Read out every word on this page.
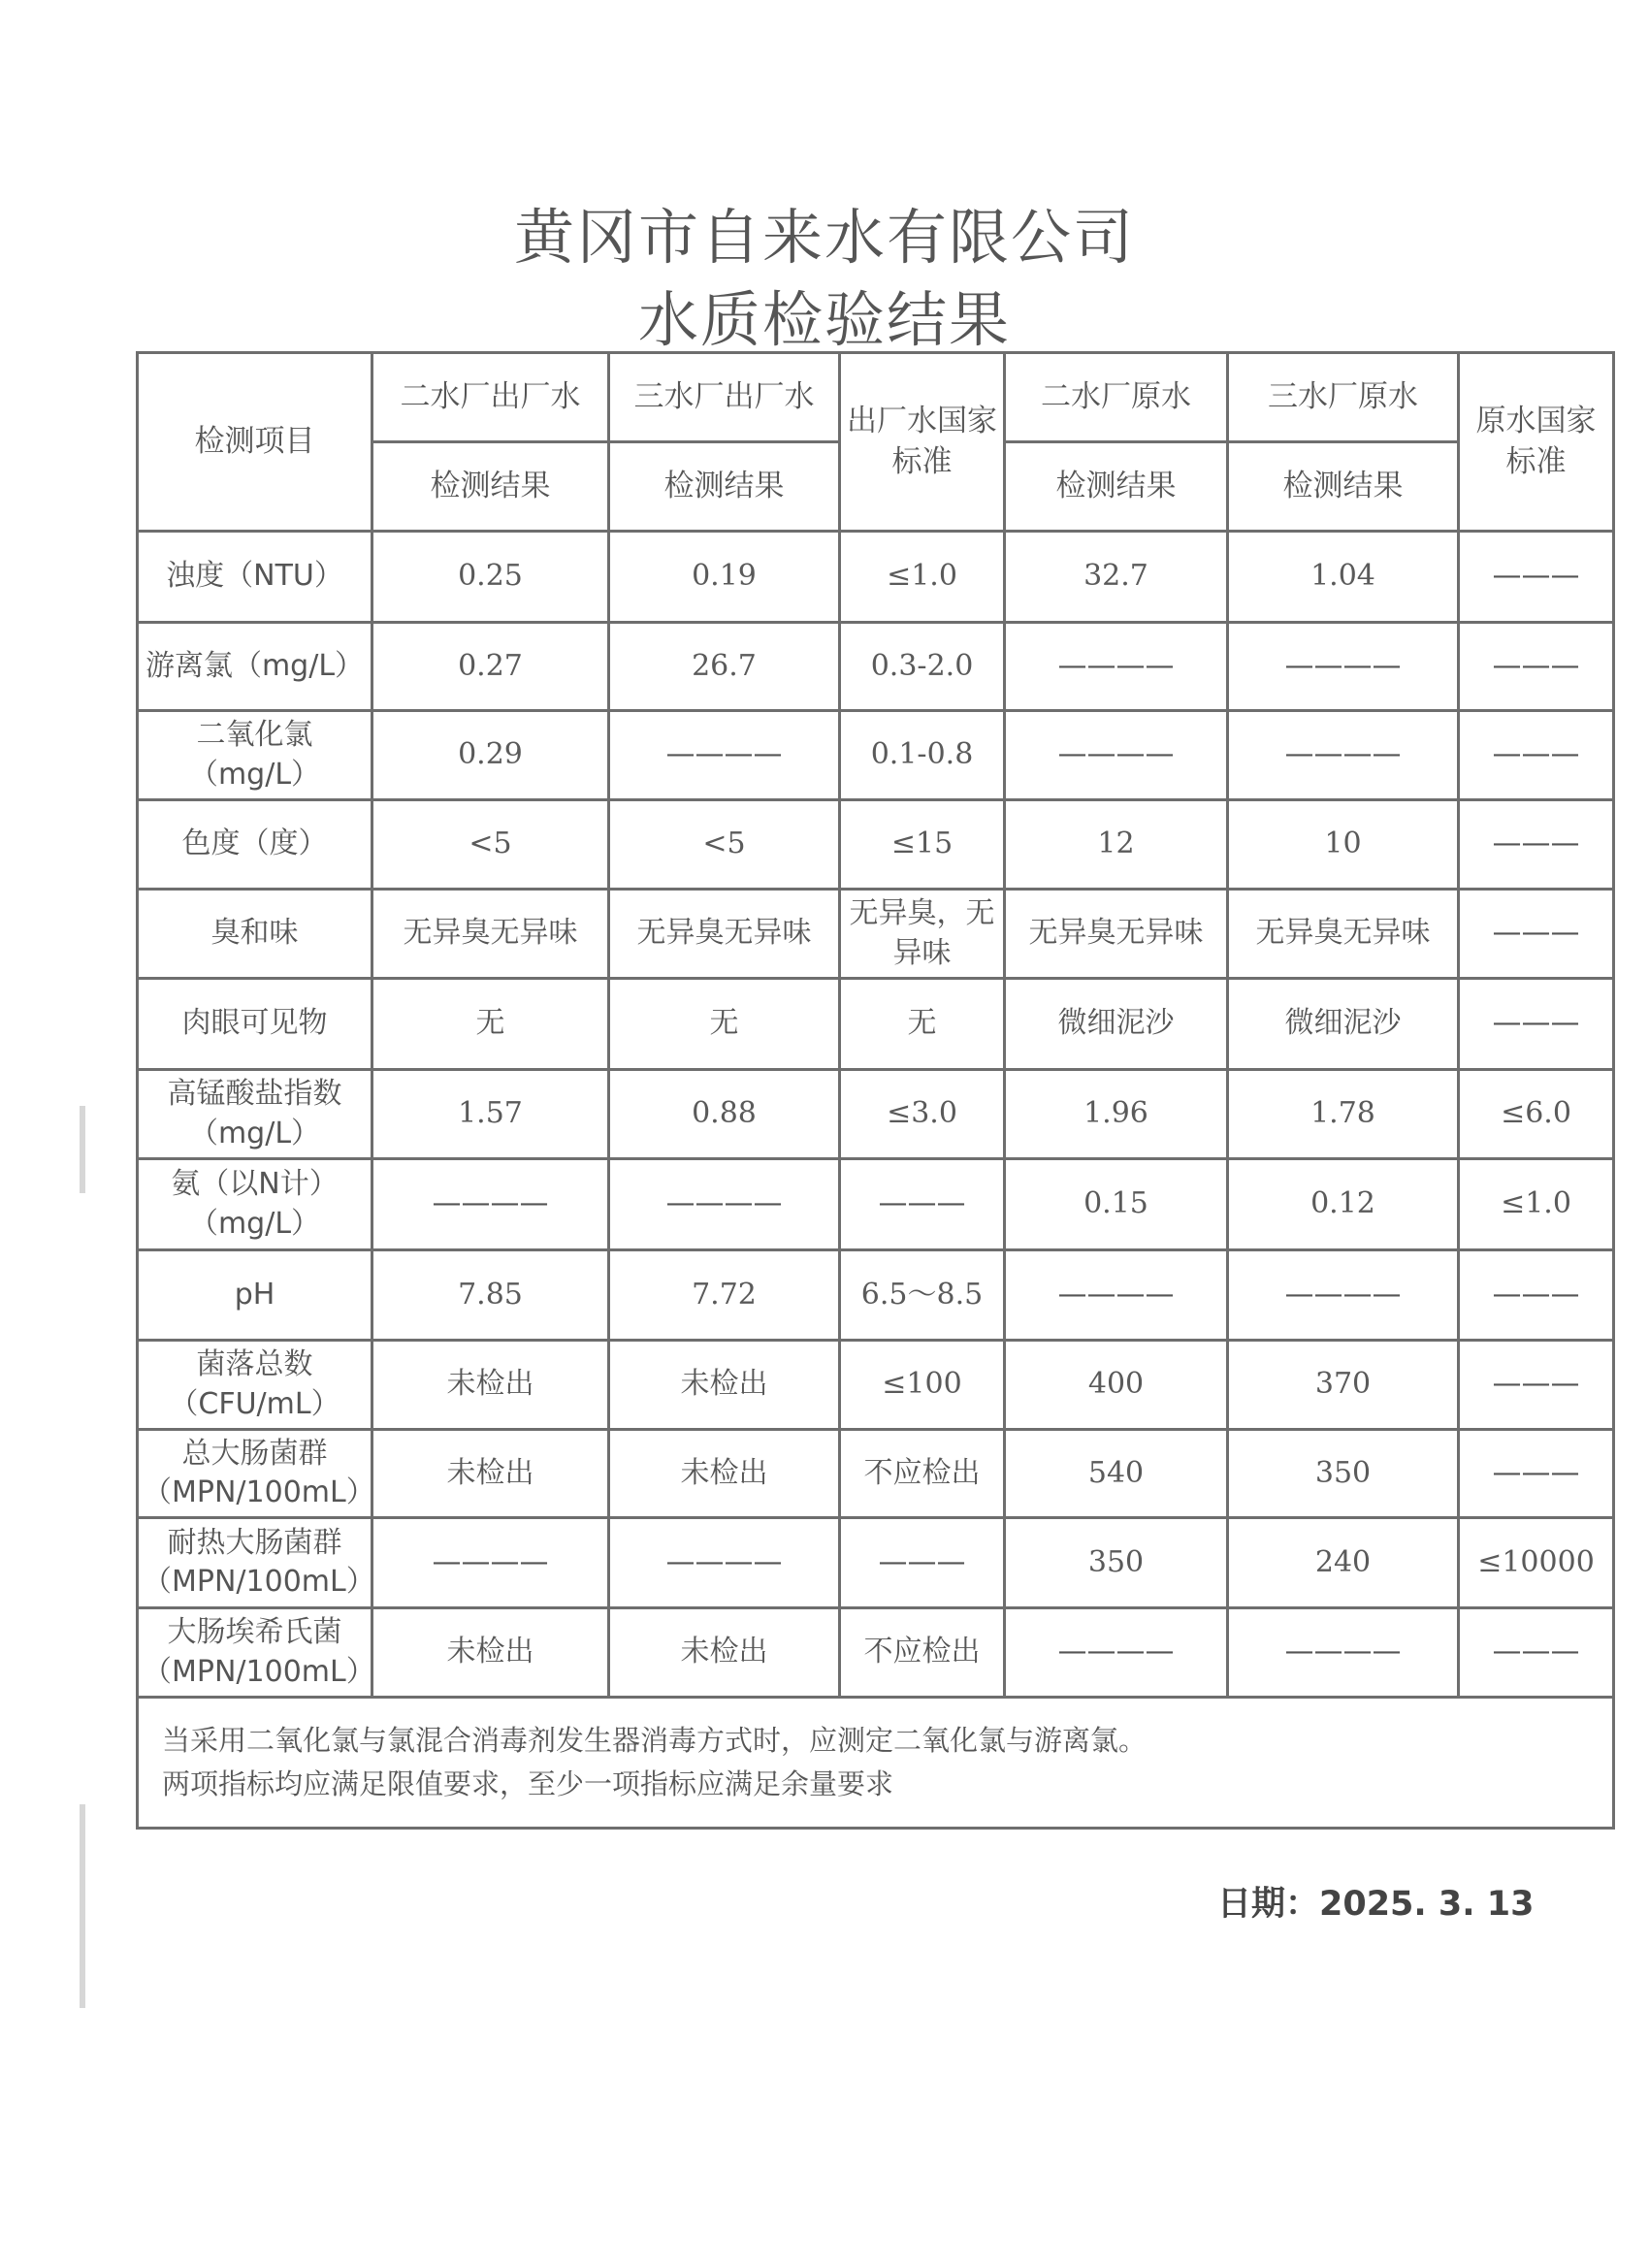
黄冈市自来水有限公司
水质检验结果
检测项目	二水厂出厂水	三水厂出厂水	出厂水国家标准	二水厂原水	三水厂原水	原水国家标准
	检测结果	检测结果		检测结果	检测结果	
浊度（NTU）	0.25	0.19	≤1.0	32.7	1.04	———
游离氯（mg/L）	0.27	26.7	0.3-2.0	————	————	———
二氧化氯（mg/L）	0.29	————	0.1-0.8	————	————	———
色度（度）	<5	<5	≤15	12	10	———
臭和味	无异臭无异味	无异臭无异味	无异臭，无异味	无异臭无异味	无异臭无异味	———
肉眼可见物	无	无	无	微细泥沙	微细泥沙	———
高锰酸盐指数（mg/L）	1.57	0.88	≤3.0	1.96	1.78	≤6.0
氨（以N计）（mg/L）	————	————	———	0.15	0.12	≤1.0
pH	7.85	7.72	6.5～8.5	————	————	———
菌落总数（CFU/mL）	未检出	未检出	≤100	400	370	———
总大肠菌群（MPN/100mL）	未检出	未检出	不应检出	540	350	———
耐热大肠菌群（MPN/100mL）	————	————	———	350	240	≤10000
大肠埃希氏菌（MPN/100mL）	未检出	未检出	不应检出	————	————	———

当采用二氧化氯与氯混合消毒剂发生器消毒方式时，应测定二氧化氯与游离氯。
两项指标均应满足限值要求，至少一项指标应满足余量要求						
日期：2025. 3. 13
